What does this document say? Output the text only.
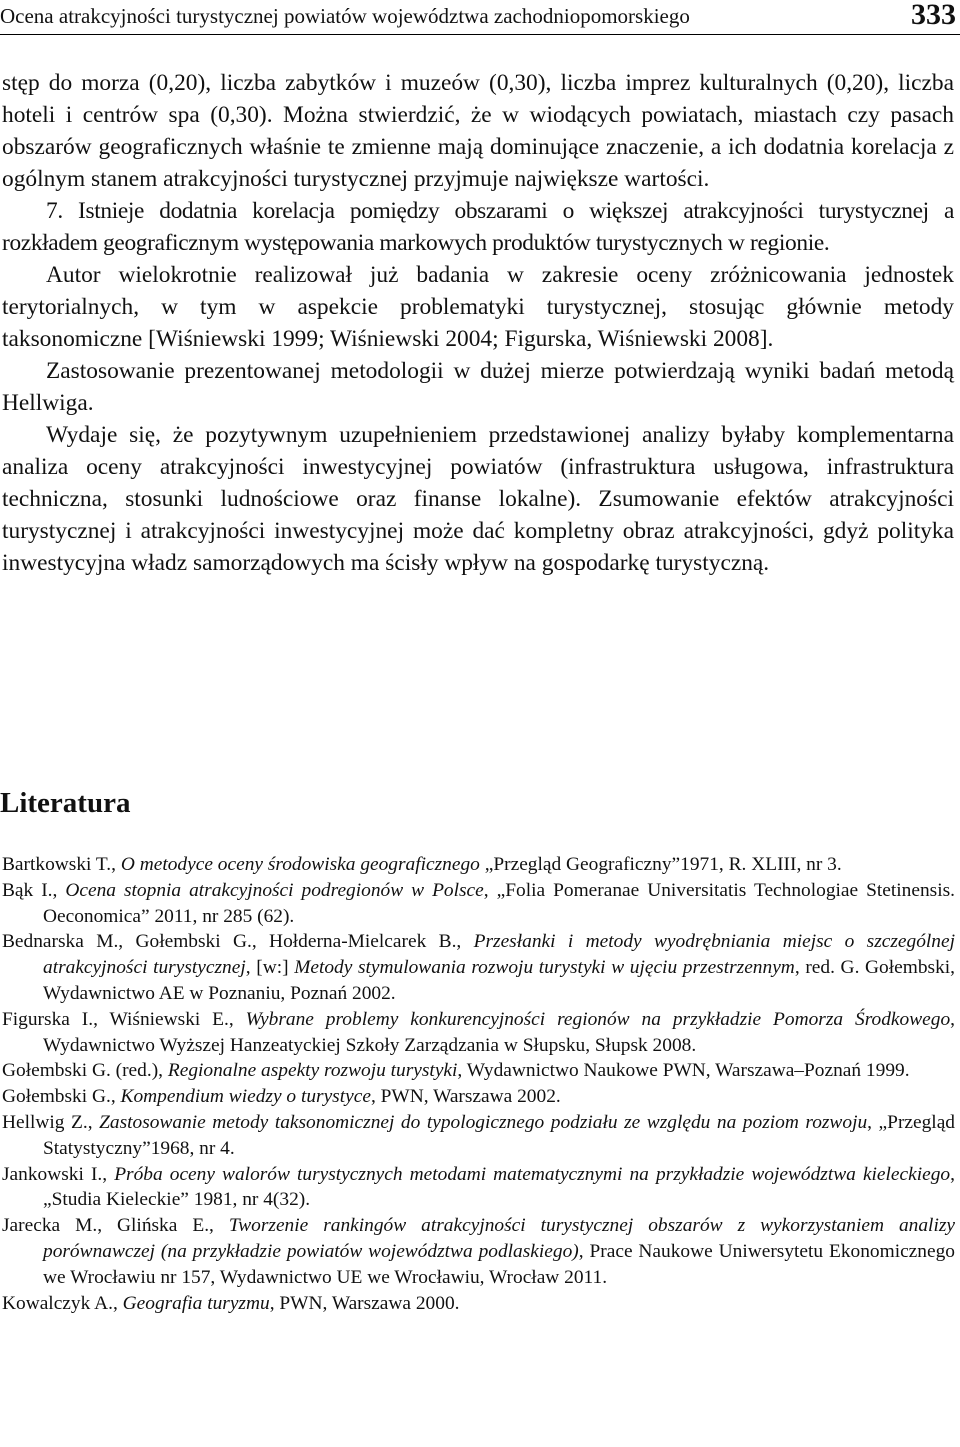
Ocena atrakcyjności turystycznej powiatów województwa zachodniopomorskiego	333

stęp do morza (0,20), liczba zabytków i muzeów (0,30), liczba imprez kulturalnych (0,20), liczba hoteli i centrów spa (0,30). Można stwierdzić, że w wiodących powiatach, miastach czy pasach obszarów geograficznych właśnie te zmienne mają dominujące znaczenie, a ich dodatnia korelacja z ogólnym stanem atrakcyjności turystycznej przyjmuje największe wartości.

7. Istnieje dodatnia korelacja pomiędzy obszarami o większej atrakcyjności turystycznej a rozkładem geograficznym występowania markowych produktów turystycznych w regionie.

Autor wielokrotnie realizował już badania w zakresie oceny zróżnicowania jednostek terytorialnych, w tym w aspekcie problematyki turystycznej, stosując głównie metody taksonomiczne [Wiśniewski 1999; Wiśniewski 2004; Figurska, Wiśniewski 2008].

Zastosowanie prezentowanej metodologii w dużej mierze potwierdzają wyniki badań metodą Hellwiga.

Wydaje się, że pozytywnym uzupełnieniem przedstawionej analizy byłaby komplementarna analiza oceny atrakcyjności inwestycyjnej powiatów (infrastruktura usługowa, infrastruktura techniczna, stosunki ludnościowe oraz finanse lokalne). Zsumowanie efektów atrakcyjności turystycznej i atrakcyjności inwestycyjnej może dać kompletny obraz atrakcyjności, gdyż polityka inwestycyjna władz samorządowych ma ścisły wpływ na gospodarkę turystyczną.

Literatura

Bartkowski T., O metodyce oceny środowiska geograficznego „Przegląd Geograficzny”1971, R. XLIII, nr 3.

Bąk I., Ocena stopnia atrakcyjności podregionów w Polsce, „Folia Pomeranae Universitatis Technologiae Stetinensis. Oeconomica” 2011, nr 285 (62).

Bednarska M., Gołembski G., Hołderna-Mielcarek B., Przesłanki i metody wyodrębniania miejsc o szczególnej atrakcyjności turystycznej, [w:] Metody stymulowania rozwoju turystyki w ujęciu przestrzennym, red. G. Gołembski, Wydawnictwo AE w Poznaniu, Poznań 2002.

Figurska I., Wiśniewski E., Wybrane problemy konkurencyjności regionów na przykładzie Pomorza Środkowego, Wydawnictwo Wyższej Hanzeatyckiej Szkoły Zarządzania w Słupsku, Słupsk 2008.

Gołembski G. (red.), Regionalne aspekty rozwoju turystyki, Wydawnictwo Naukowe PWN, Warszawa–Poznań 1999.

Gołembski G., Kompendium wiedzy o turystyce, PWN, Warszawa 2002.

Hellwig Z., Zastosowanie metody taksonomicznej do typologicznego podziału ze względu na poziom rozwoju, „Przegląd Statystyczny”1968, nr 4.

Jankowski I., Próba oceny walorów turystycznych metodami matematycznymi na przykładzie województwa kieleckiego, „Studia Kieleckie” 1981, nr 4(32).

Jarecka M., Glińska E., Tworzenie rankingów atrakcyjności turystycznej obszarów z wykorzystaniem analizy porównawczej (na przykładzie powiatów województwa podlaskiego), Prace Naukowe Uniwersytetu Ekonomicznego we Wrocławiu nr 157, Wydawnictwo UE we Wrocławiu, Wrocław 2011.

Kowalczyk A., Geografia turyzmu, PWN, Warszawa 2000.
